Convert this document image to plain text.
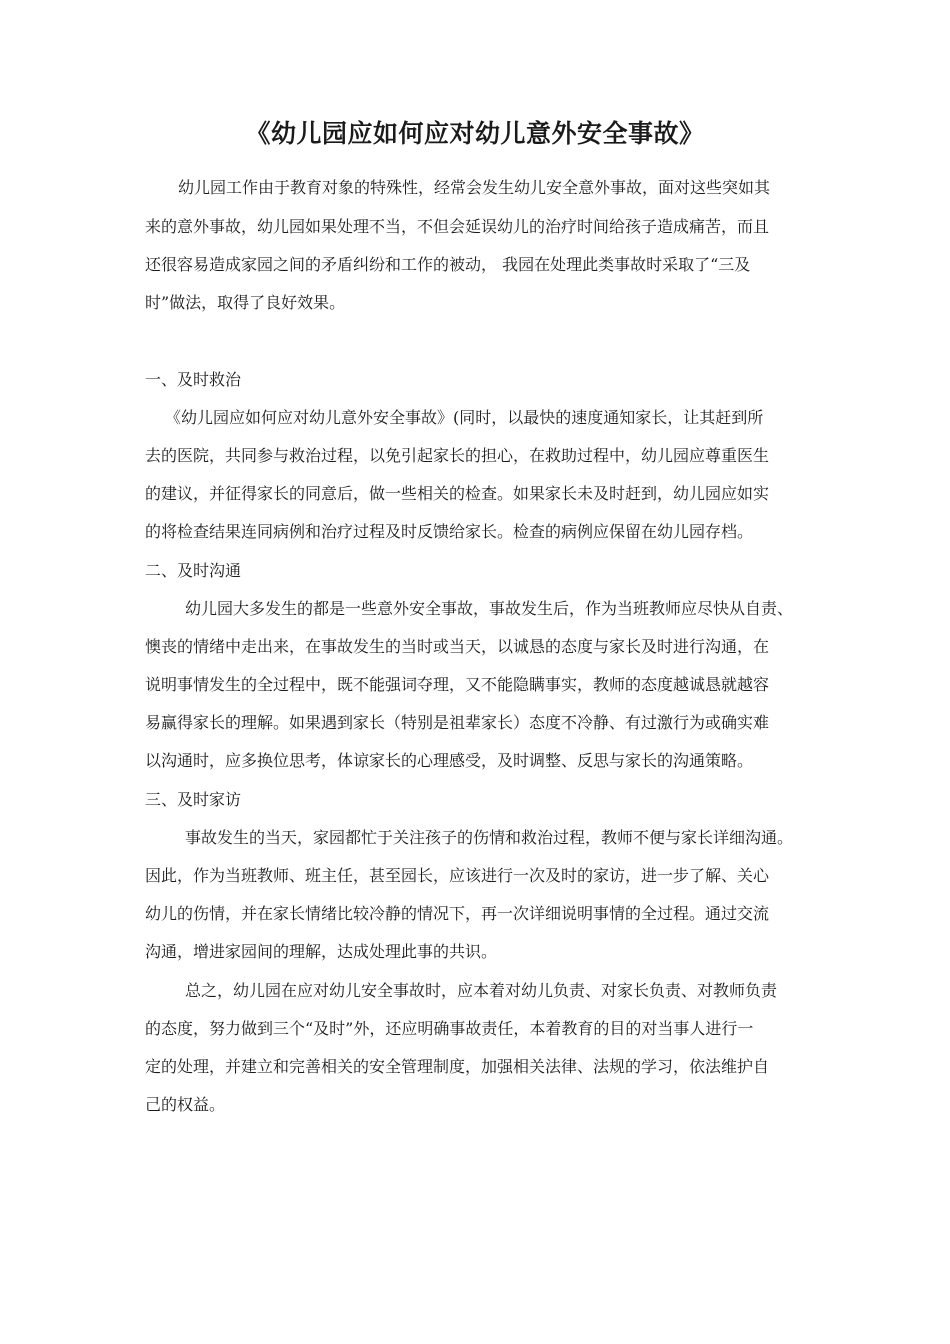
《幼儿园应如何应对幼儿意外安全事故》
幼儿园工作由于教育对象的特殊性，经常会发生幼儿安全意外事故，面对这些突如其
来的意外事故，幼儿园如果处理不当，不但会延误幼儿的治疗时间给孩子造成痛苦，而且
还很容易造成家园之间的矛盾纠纷和工作的被动， 我园在处理此类事故时采取了“三及
时”做法，取得了良好效果。
一、及时救治
《幼儿园应如何应对幼儿意外安全事故》(同时，以最快的速度通知家长，让其赶到所
去的医院，共同参与救治过程，以免引起家长的担心，在救助过程中，幼儿园应尊重医生
的建议，并征得家长的同意后，做一些相关的检查。如果家长未及时赶到，幼儿园应如实
的将检查结果连同病例和治疗过程及时反馈给家长。检查的病例应保留在幼儿园存档。
二、及时沟通
幼儿园大多发生的都是一些意外安全事故，事故发生后，作为当班教师应尽快从自责、
懊丧的情绪中走出来，在事故发生的当时或当天，以诚恳的态度与家长及时进行沟通，在
说明事情发生的全过程中，既不能强词夺理，又不能隐瞒事实，教师的态度越诚恳就越容
易赢得家长的理解。如果遇到家长（特别是祖辈家长）态度不冷静、有过激行为或确实难
以沟通时，应多换位思考，体谅家长的心理感受，及时调整、反思与家长的沟通策略。
三、及时家访
事故发生的当天，家园都忙于关注孩子的伤情和救治过程，教师不便与家长详细沟通。
因此，作为当班教师、班主任，甚至园长，应该进行一次及时的家访，进一步了解、关心
幼儿的伤情，并在家长情绪比较冷静的情况下，再一次详细说明事情的全过程。通过交流
沟通，增进家园间的理解，达成处理此事的共识。
总之，幼儿园在应对幼儿安全事故时，应本着对幼儿负责、对家长负责、对教师负责
的态度，努力做到三个“及时”外，还应明确事故责任，本着教育的目的对当事人进行一
定的处理，并建立和完善相关的安全管理制度，加强相关法律、法规的学习，依法维护自
己的权益。
